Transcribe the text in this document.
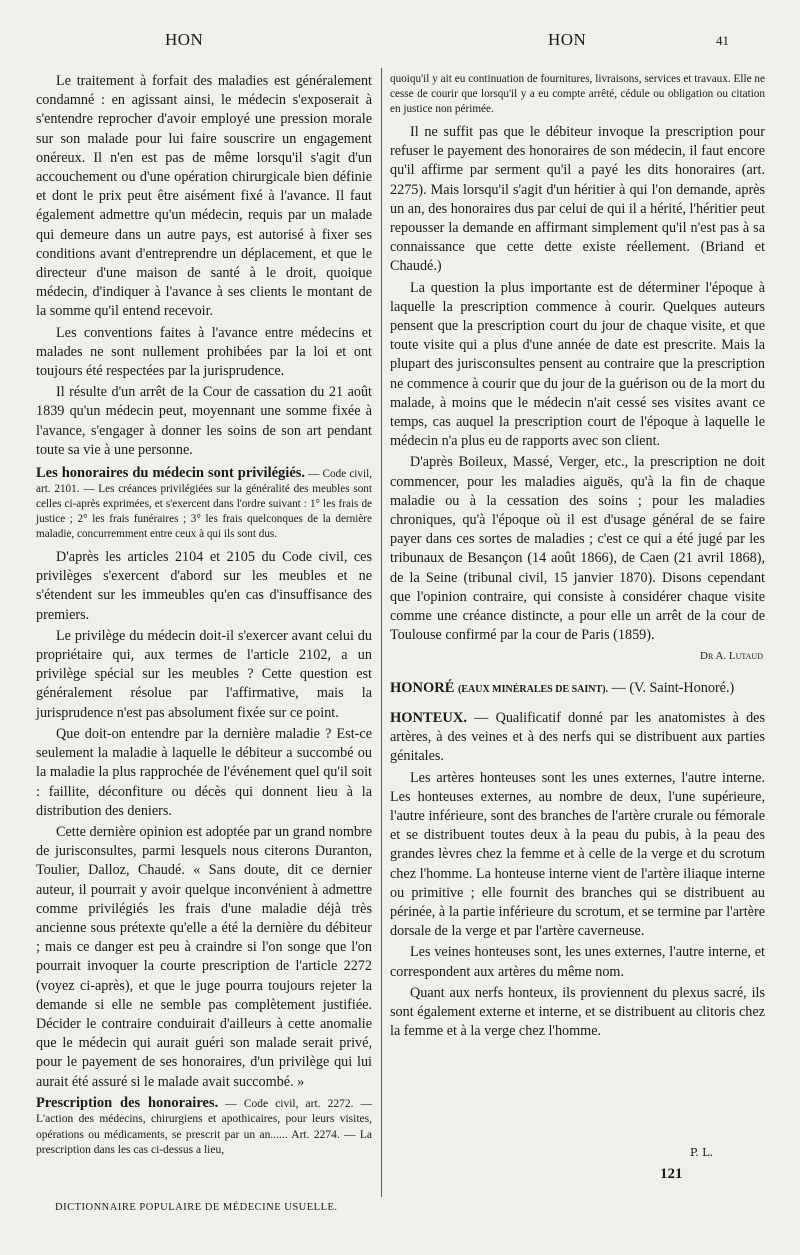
HON	HON	41

Le traitement à forfait des maladies est généralement condamné : en agissant ainsi, le médecin s'exposerait à s'entendre reprocher d'avoir employé une pression morale sur son malade pour lui faire souscrire un engagement onéreux. Il n'en est pas de même lorsqu'il s'agit d'un accouchement ou d'une opération chirurgicale bien définie et dont le prix peut être aisément fixé à l'avance. Il faut également admettre qu'un médecin, requis par un malade qui demeure dans un autre pays, est autorisé à fixer ses conditions avant d'entreprendre un déplacement, et que le directeur d'une maison de santé à le droit, quoique médecin, d'indiquer à l'avance à ses clients le montant de la somme qu'il entend recevoir.

Les conventions faites à l'avance entre médecins et malades ne sont nullement prohibées par la loi et ont toujours été respectées par la jurisprudence.

Il résulte d'un arrêt de la Cour de cassation du 21 août 1839 qu'un médecin peut, moyennant une somme fixée à l'avance, s'engager à donner les soins de son art pendant toute sa vie à une personne.

Les honoraires du médecin sont privilégiés. — Code civil, art. 2101. — Les créances privilégiées sur la généralité des meubles sont celles ci-après exprimées, et s'exercent dans l'ordre suivant : 1° les frais de justice ; 2° les frais funéraires ; 3° les frais quelconques de la dernière maladie, concurremment entre ceux à qui ils sont dus.

D'après les articles 2104 et 2105 du Code civil, ces privilèges s'exercent d'abord sur les meubles et ne s'étendent sur les immeubles qu'en cas d'insuffisance des premiers.

Le privilège du médecin doit-il s'exercer avant celui du propriétaire qui, aux termes de l'article 2102, a un privilège spécial sur les meubles ? Cette question est généralement résolue par l'affirmative, mais la jurisprudence n'est pas absolument fixée sur ce point.

Que doit-on entendre par la dernière maladie ? Est-ce seulement la maladie à laquelle le débiteur a succombé ou la maladie la plus rapprochée de l'événement quel qu'il soit : faillite, déconfiture ou décès qui donnent lieu à la distribution des deniers.

Cette dernière opinion est adoptée par un grand nombre de jurisconsultes, parmi lesquels nous citerons Duranton, Toulier, Dalloz, Chaudé. « Sans doute, dit ce dernier auteur, il pourrait y avoir quelque inconvénient à admettre comme privilégiés les frais d'une maladie déjà très ancienne sous prétexte qu'elle a été la dernière du débiteur ; mais ce danger est peu à craindre si l'on songe que l'on pourrait invoquer la courte prescription de l'article 2272 (voyez ci-après), et que le juge pourra toujours rejeter la demande si elle ne semble pas complètement justifiée. Décider le contraire conduirait d'ailleurs à cette anomalie que le médecin qui aurait guéri son malade serait privé, pour le payement de ses honoraires, d'un privilège qui lui aurait été assuré si le malade avait succombé. »

Prescription des honoraires. — Code civil, art. 2272. — L'action des médecins, chirurgiens et apothicaires, pour leurs visites, opérations ou médicaments, se prescrit par un an...... Art. 2274. — La prescription dans les cas ci-dessus a lieu,
quoiqu'il y ait eu continuation de fournitures, livraisons, services et travaux. Elle ne cesse de courir que lorsqu'il y a eu compte arrêté, cédule ou obligation ou citation en justice non périmée.

Il ne suffit pas que le débiteur invoque la prescription pour refuser le payement des honoraires de son médecin, il faut encore qu'il affirme par serment qu'il a payé les dits honoraires (art. 2275). Mais lorsqu'il s'agit d'un héritier à qui l'on demande, après un an, des honoraires dus par celui de qui il a hérité, l'héritier peut repousser la demande en affirmant simplement qu'il n'est pas à sa connaissance que cette dette existe réellement. (Briand et Chaudé.)

La question la plus importante est de déterminer l'époque à laquelle la prescription commence à courir. Quelques auteurs pensent que la prescription court du jour de chaque visite, et que toute visite qui a plus d'une année de date est prescrite. Mais la plupart des jurisconsultes pensent au contraire que la prescription ne commence à courir que du jour de la guérison ou de la mort du malade, à moins que le médecin n'ait cessé ses visites avant ce temps, cas auquel la prescription court de l'époque à laquelle le médecin n'a plus eu de rapports avec son client.

D'après Boileux, Massé, Verger, etc., la prescription ne doit commencer, pour les maladies aiguës, qu'à la fin de chaque maladie ou à la cessation des soins ; pour les maladies chroniques, qu'à l'époque où il est d'usage général de se faire payer dans ces sortes de maladies ; c'est ce qui a été jugé par les tribunaux de Besançon (14 août 1866), de Caen (21 avril 1868), de la Seine (tribunal civil, 15 janvier 1870). Disons cependant que l'opinion contraire, qui consiste à considérer chaque visite comme une créance distincte, a pour elle un arrêt de la cour de Toulouse confirmé par la cour de Paris (1859).

Dr A. Lutaud
HONORÉ (EAUX MINÉRALES DE SAINT). — (V. Saint-Honoré.)

HONTEUX. — Qualificatif donné par les anatomistes à des artères, à des veines et à des nerfs qui se distribuent aux parties génitales.

Les artères honteuses sont les unes externes, l'autre interne. Les honteuses externes, au nombre de deux, l'une supérieure, l'autre inférieure, sont des branches de l'artère crurale ou fémorale et se distribuent toutes deux à la peau du pubis, à la peau des grandes lèvres chez la femme et à celle de la verge et du scrotum chez l'homme. La honteuse interne vient de l'artère iliaque interne ou primitive ; elle fournit des branches qui se distribuent au périnée, à la partie inférieure du scrotum, et se termine par l'artère dorsale de la verge et par l'artère caverneuse.

Les veines honteuses sont, les unes externes, l'autre interne, et correspondent aux artères du même nom.

Quant aux nerfs honteux, ils proviennent du plexus sacré, ils sont également externe et interne, et se distribuent au clitoris chez la femme et à la verge chez l'homme.

P. L.
121
DICTIONNAIRE POPULAIRE DE MÉDECINE USUELLE.
